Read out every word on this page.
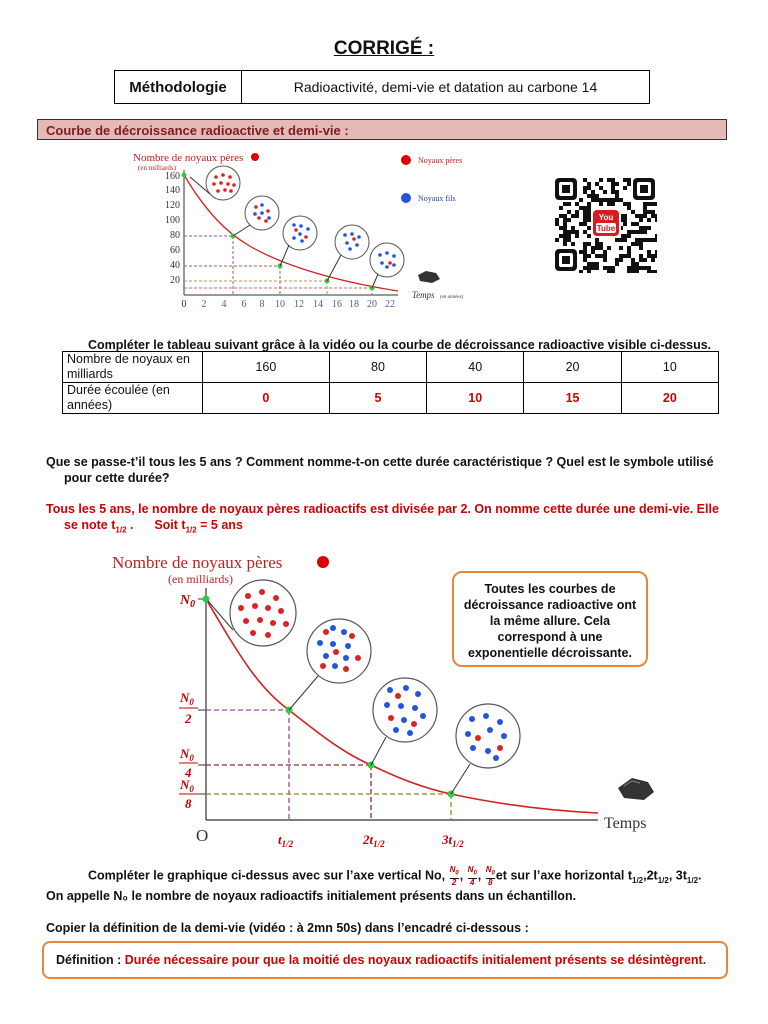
CORRIGÉ :
Méthodologie	Radioactivité, demi-vie et datation au carbone 14
Courbe de décroissance radioactive et demi-vie :
Nombre de noyaux pères
(en milliards)
160
140
120
100
80
60
40
20
0 2 4 6 8 10 12 14 16 18 20 22
Temps (en années)
Noyaux pères
Noyaux fils
You
Tube
Compléter le tableau suivant grâce à la vidéo ou la courbe de décroissance radioactive visible ci-dessus.
Nombre de noyaux en milliards	160	80	40	20	10
Durée écoulée (en années)	0	5	10	15	20
Que se passe-t’il tous les 5 ans ? Comment nomme-t-on cette durée caractéristique ? Quel est le symbole utilisé
pour cette durée?
Tous les 5 ans, le nombre de noyaux pères radioactifs est divisée par 2. On nomme cette durée une demi-vie. Elle
se note $t_{1/2}$ .      Soit $t_{1/2} = 5$ ans
Nombre de noyaux pères
(en milliards)
$N_0$
$N_0$
2
$N_0$
4
$N_0$
8
O	$t_{1/2}$	$2t_{1/2}$	$3t_{1/2}$
Temps
Toutes les courbes de décroissance radioactive ont la même allure. Cela correspond à une exponentielle décroissante.
Compléter le graphique ci-dessus avec sur l’axe vertical No, $N_0$
2 , $N_0$
4 , $N_0$
8 et sur l’axe horizontal $t_{1/2},2t_{1/2}$, $3t_{1/2}$.
On appelle N₀ le nombre de noyaux radioactifs initialement présents dans un échantillon.
Copier la définition de la demi-vie (vidéo : à 2mn 50s) dans l’encadré ci-dessous :
Définition : Durée nécessaire pour que la moitié des noyaux radioactifs initialement présents se désintègrent.
